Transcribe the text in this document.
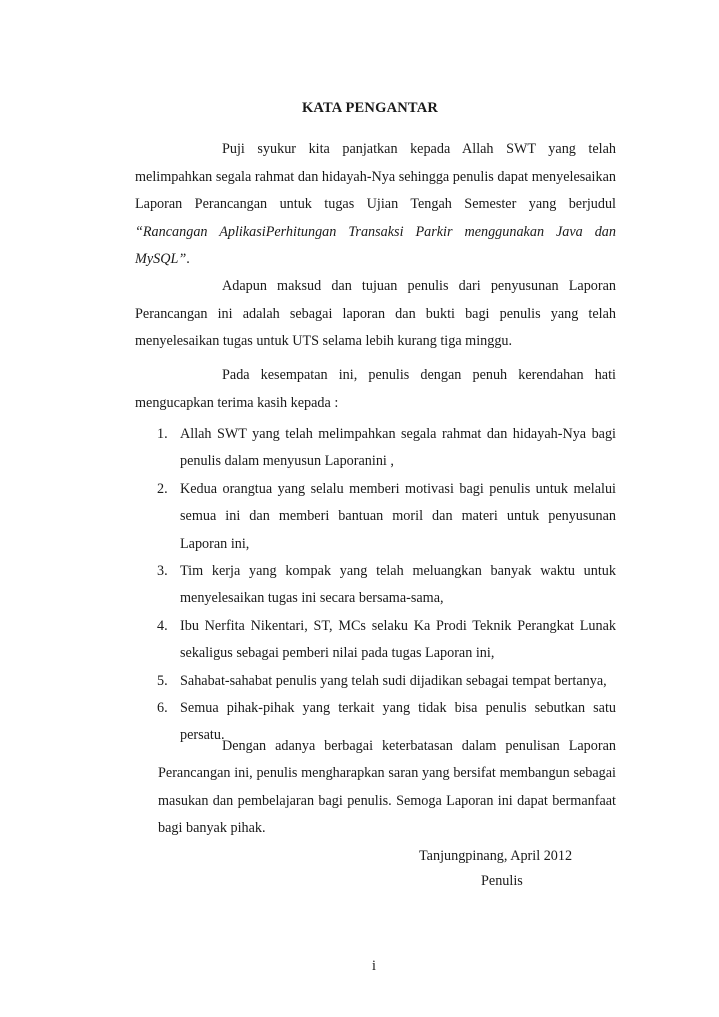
KATA PENGANTAR
Puji syukur kita panjatkan kepada Allah SWT yang telah melimpahkan segala rahmat dan hidayah-Nya sehingga penulis dapat menyelesaikan Laporan Perancangan untuk tugas Ujian Tengah Semester yang berjudul “Rancangan AplikasiPerhitungan Transaksi Parkir menggunakan Java dan MySQL”.
Adapun maksud dan tujuan penulis dari penyusunan Laporan Perancangan ini adalah sebagai laporan dan bukti bagi penulis yang telah menyelesaikan tugas untuk UTS selama lebih kurang tiga minggu.
Pada kesempatan ini, penulis dengan penuh kerendahan hati mengucapkan terima kasih kepada :
1. Allah SWT yang telah melimpahkan segala rahmat dan hidayah-Nya bagi penulis dalam menyusun Laporanini ,
2. Kedua orangtua yang selalu memberi motivasi bagi penulis untuk melalui semua ini dan memberi bantuan moril dan materi untuk penyusunan Laporan ini,
3. Tim kerja yang kompak yang telah meluangkan banyak waktu untuk menyelesaikan tugas ini secara bersama-sama,
4. Ibu Nerfita Nikentari, ST, MCs selaku Ka Prodi Teknik Perangkat Lunak sekaligus sebagai pemberi nilai pada tugas Laporan ini,
5. Sahabat-sahabat penulis yang telah sudi dijadikan sebagai tempat bertanya,
6. Semua pihak-pihak yang terkait yang tidak bisa penulis sebutkan satu persatu.
Dengan adanya berbagai keterbatasan dalam penulisan Laporan Perancangan ini, penulis mengharapkan saran yang bersifat membangun sebagai masukan dan pembelajaran bagi penulis. Semoga Laporan ini dapat bermanfaat bagi banyak pihak.
Tanjungpinang, April 2012
Penulis
i
